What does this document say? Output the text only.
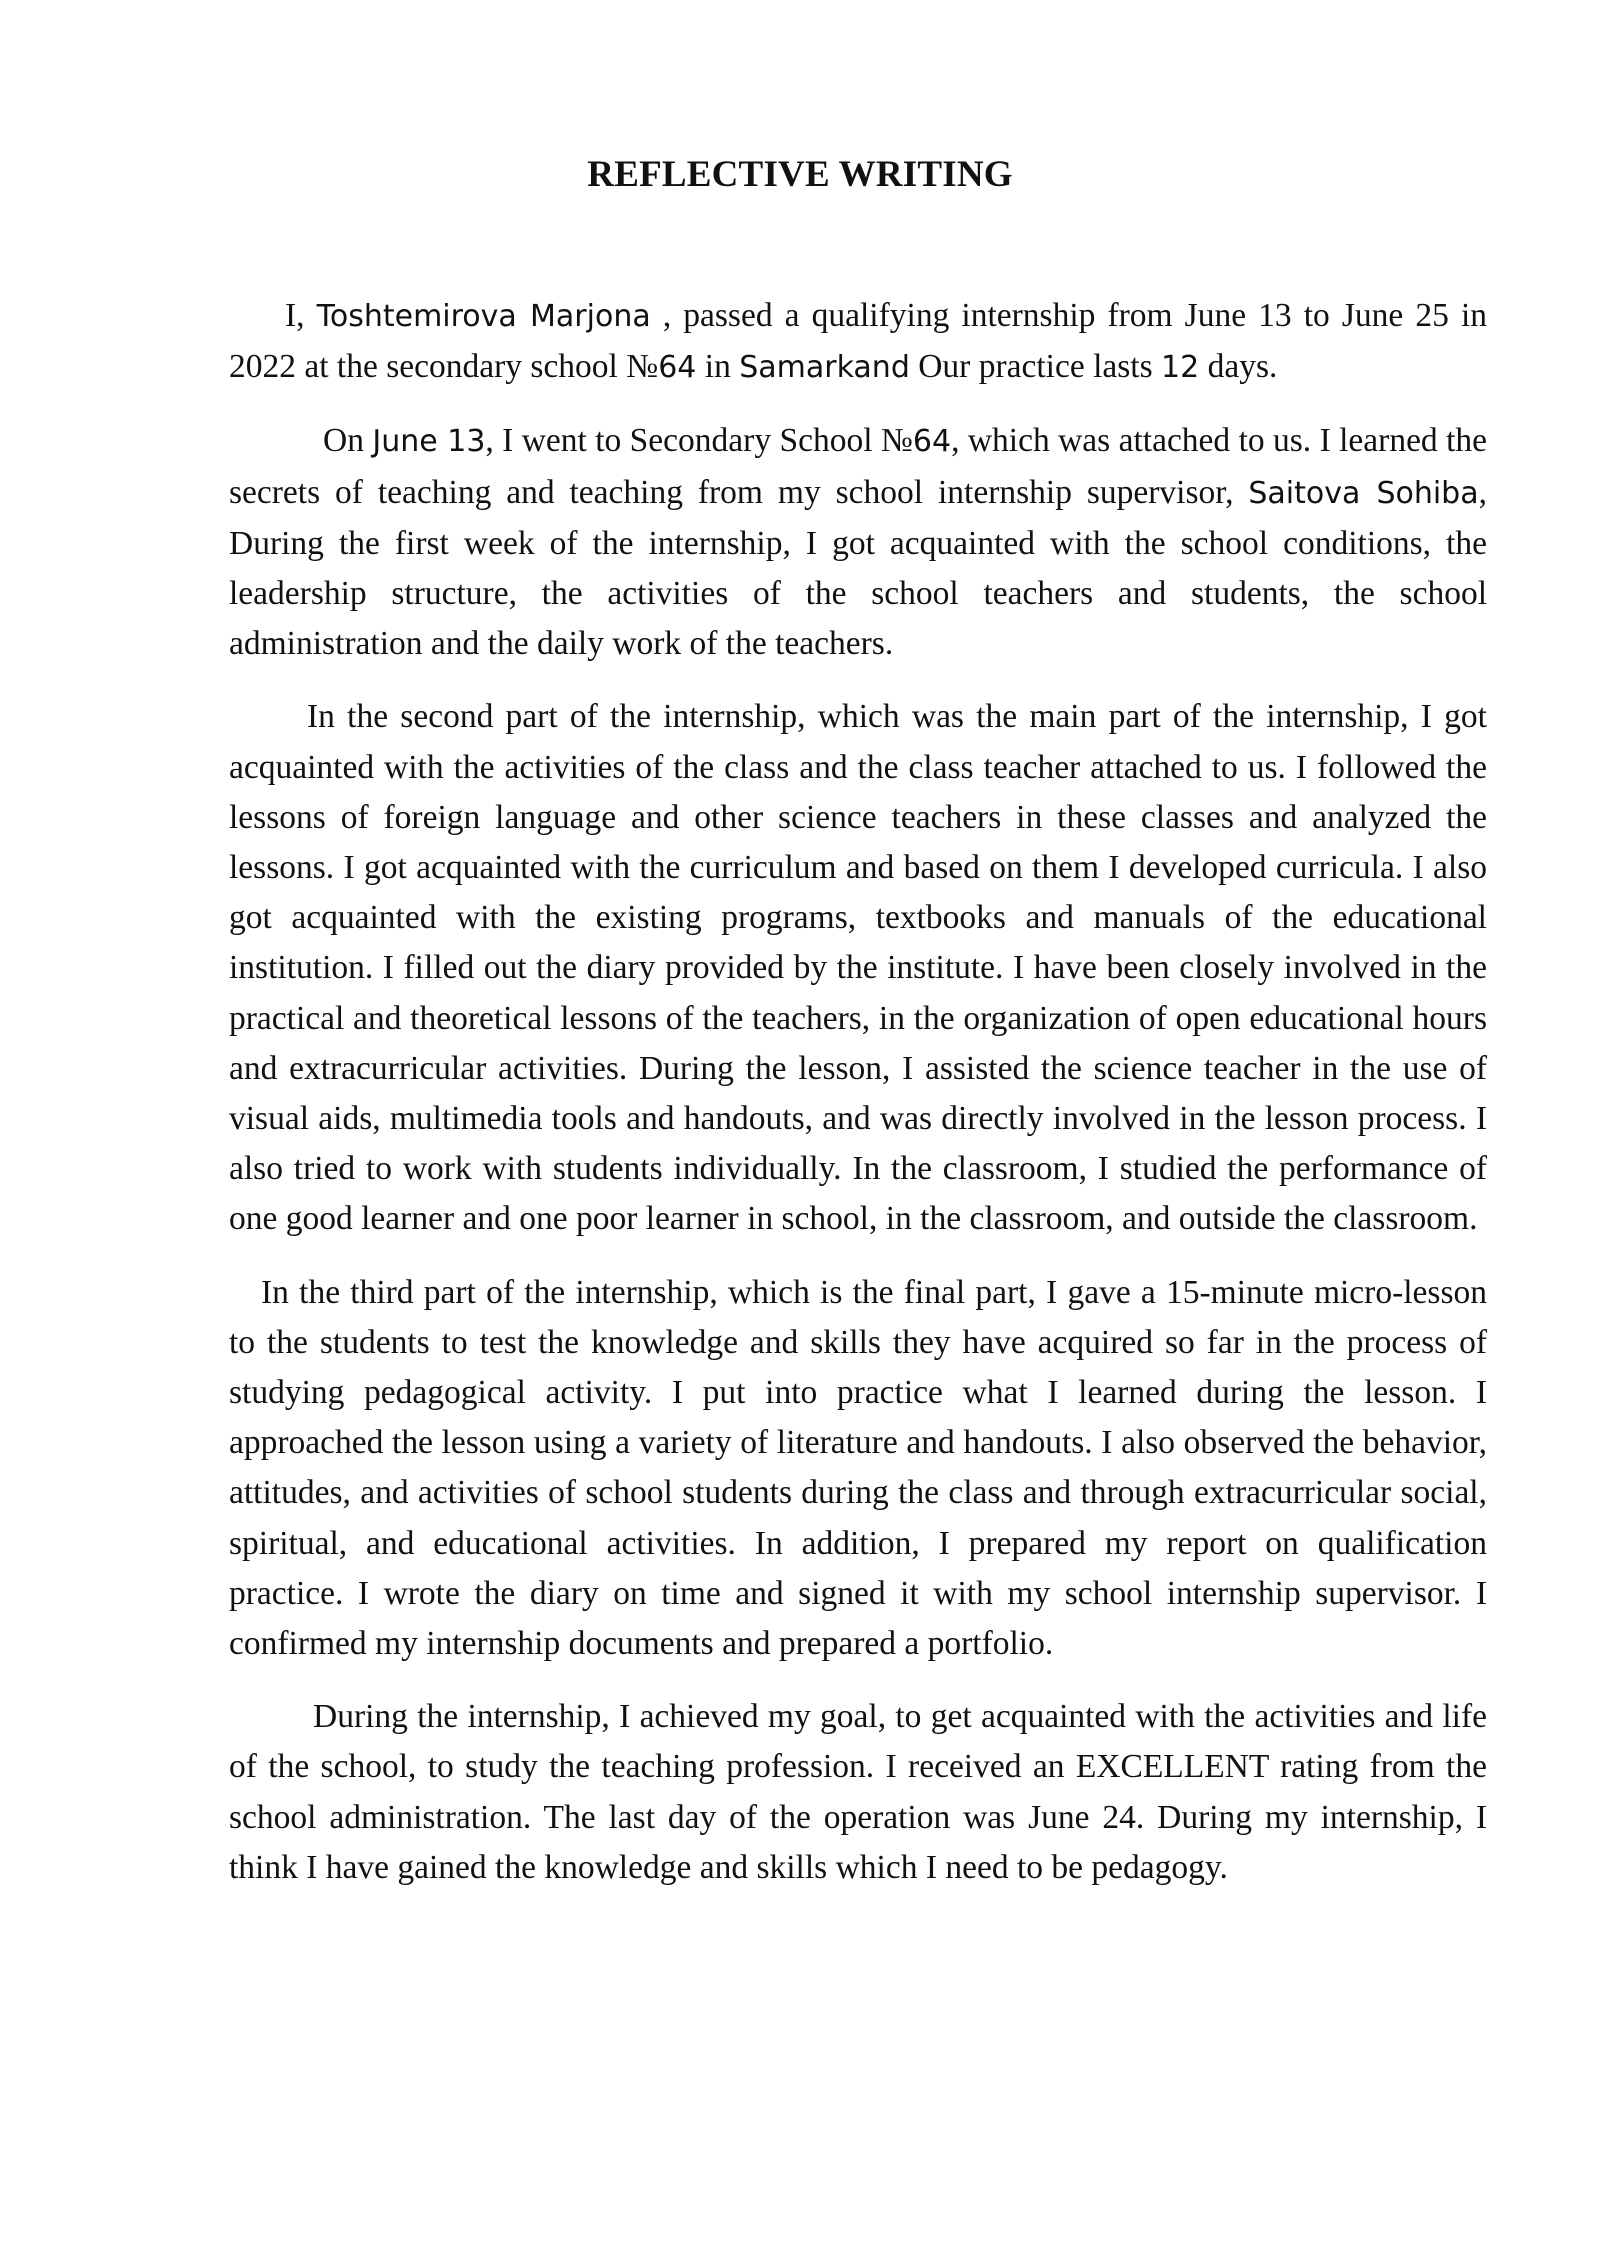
REFLECTIVE WRITING

I, Toshtemirova Marjona , passed a qualifying internship from June 13 to June 25 in 2022 at the secondary school №64 in Samarkand Our practice lasts 12 days.

On June 13, I went to Secondary School №64, which was attached to us. I learned the secrets of teaching and teaching from my school internship supervisor, Saitova Sohiba, During the first week of the internship, I got acquainted with the school conditions, the leadership structure, the activities of the school teachers and students, the school administration and the daily work of the teachers.

In the second part of the internship, which was the main part of the internship, I got acquainted with the activities of the class and the class teacher attached to us. I followed the lessons of foreign language and other science teachers in these classes and analyzed the lessons. I got acquainted with the curriculum and based on them I developed curricula. I also got acquainted with the existing programs, textbooks and manuals of the educational institution. I filled out the diary provided by the institute. I have been closely involved in the practical and theoretical lessons of the teachers, in the organization of open educational hours and extracurricular activities. During the lesson, I assisted the science teacher in the use of visual aids, multimedia tools and handouts, and was directly involved in the lesson process. I also tried to work with students individually. In the classroom, I studied the performance of one good learner and one poor learner in school, in the classroom, and outside the classroom.

In the third part of the internship, which is the final part, I gave a 15-minute micro-lesson to the students to test the knowledge and skills they have acquired so far in the process of studying pedagogical activity. I put into practice what I learned during the lesson. I approached the lesson using a variety of literature and handouts. I also observed the behavior, attitudes, and activities of school students during the class and through extracurricular social, spiritual, and educational activities. In addition, I prepared my report on qualification practice. I wrote the diary on time and signed it with my school internship supervisor. I confirmed my internship documents and prepared a portfolio.

During the internship, I achieved my goal, to get acquainted with the activities and life of the school, to study the teaching profession. I received an EXCELLENT rating from the school administration. The last day of the operation was June 24. During my internship, I think I have gained the knowledge and skills which I need to be pedagogy.
